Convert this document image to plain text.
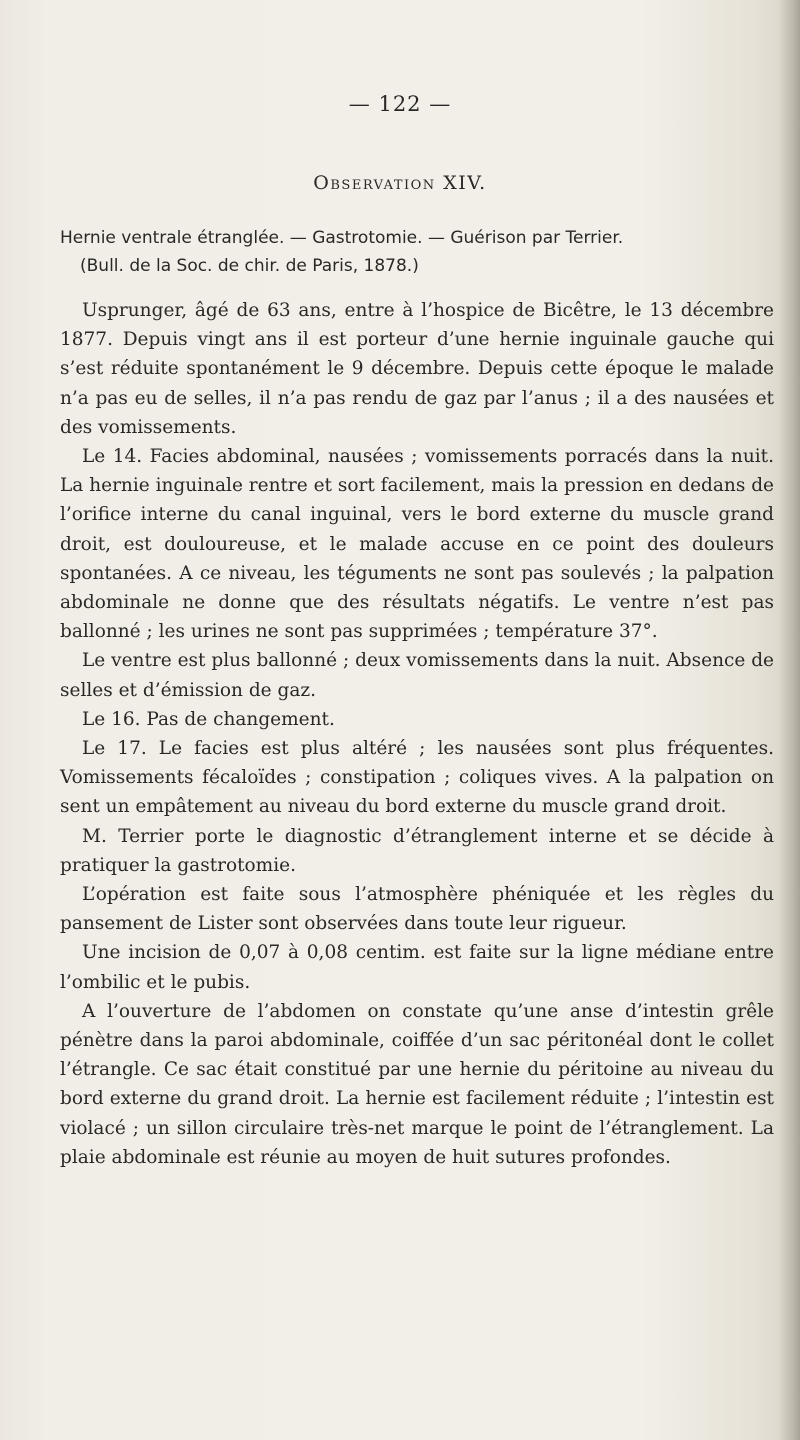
— 122 —
Observation XIV.
Hernie ventrale étranglée. — Gastrotomie. — Guérison par Terrier.
(Bull. de la Soc. de chir. de Paris, 1878.)

Usprunger, âgé de 63 ans, entre à l’hospice de Bicêtre, le 13 décembre 1877. Depuis vingt ans il est porteur d’une hernie inguinale gauche qui s’est réduite spontanément le 9 décembre. Depuis cette époque le malade n’a pas eu de selles, il n’a pas rendu de gaz par l’anus ; il a des nausées et des vomissements.

Le 14. Facies abdominal, nausées ; vomissements porracés dans la nuit. La hernie inguinale rentre et sort facilement, mais la pression en dedans de l’orifice interne du canal inguinal, vers le bord externe du muscle grand droit, est douloureuse, et le malade accuse en ce point des douleurs spontanées. A ce niveau, les téguments ne sont pas soulevés ; la palpation abdominale ne donne que des résultats négatifs. Le ventre n’est pas ballonné ; les urines ne sont pas supprimées ; température 37°.

Le ventre est plus ballonné ; deux vomissements dans la nuit. Absence de selles et d’émission de gaz.

Le 16. Pas de changement.

Le 17. Le facies est plus altéré ; les nausées sont plus fréquentes. Vomissements fécaloïdes ; constipation ; coliques vives. A la palpation on sent un empâtement au niveau du bord externe du muscle grand droit.

M. Terrier porte le diagnostic d’étranglement interne et se décide à pratiquer la gastrotomie.

L’opération est faite sous l’atmosphère phéniquée et les règles du pansement de Lister sont observées dans toute leur rigueur.

Une incision de 0,07 à 0,08 centim. est faite sur la ligne médiane entre l’ombilic et le pubis.

A l’ouverture de l’abdomen on constate qu’une anse d’intestin grêle pénètre dans la paroi abdominale, coiffée d’un sac péritonéal dont le collet l’étrangle. Ce sac était constitué par une hernie du péritoine au niveau du bord externe du grand droit. La hernie est facilement réduite ; l’intestin est violacé ; un sillon circulaire très-net marque le point de l’étranglement. La plaie abdominale est réunie au moyen de huit sutures profondes.
